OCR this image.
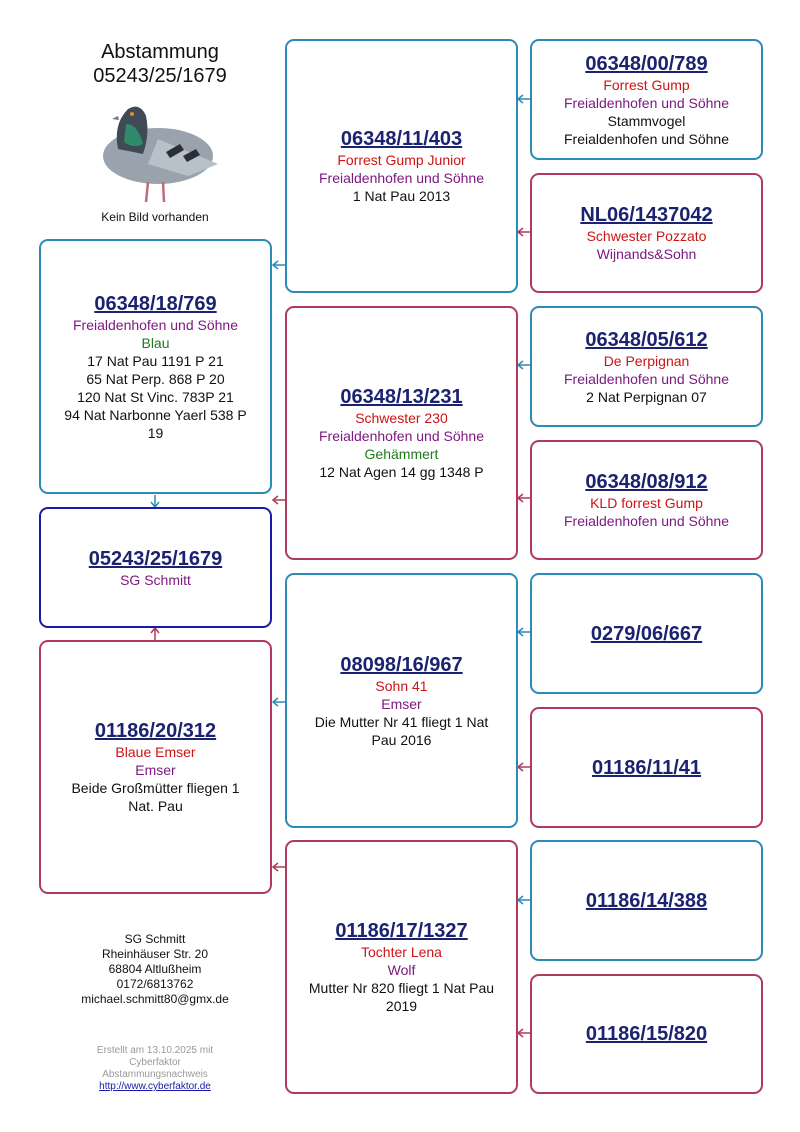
Abstammung
05243/25/1679
Kein Bild vorhanden
06348/00/789
Forrest Gump
Freialdenhofen und Söhne
Stammvogel
Freialdenhofen und Söhne
NL06/1437042
Schwester Pozzato
Wijnands&Sohn
06348/05/612
De Perpignan
Freialdenhofen und Söhne
2 Nat Perpignan 07
06348/08/912
KLD forrest Gump
Freialdenhofen und Söhne
0279/06/667
01186/11/41
01186/14/388
01186/15/820
06348/11/403
Forrest Gump Junior
Freialdenhofen und Söhne
1 Nat Pau 2013
06348/13/231
Schwester 230
Freialdenhofen und Söhne
Gehämmert
12 Nat Agen 14 gg 1348 P
08098/16/967
Sohn 41
Emser
Die Mutter Nr 41 fliegt 1 Nat
Pau 2016
01186/17/1327
Tochter Lena
Wolf
Mutter Nr 820 fliegt 1 Nat Pau
2019
06348/18/769
Freialdenhofen und Söhne
Blau
17 Nat Pau 1191 P 21
65 Nat Perp. 868 P 20
120 Nat St Vinc. 783P 21
94 Nat Narbonne Yaerl 538 P
19
05243/25/1679
SG Schmitt
01186/20/312
Blaue Emser
Emser
Beide Großmütter fliegen 1
Nat. Pau
SG Schmitt
Rheinhäuser Str. 20
68804 Altlußheim
0172/6813762
michael.schmitt80@gmx.de
Erstellt am 13.10.2025 mit
Cyberfaktor
Abstammungsnachweis
http://www.cyberfaktor.de
